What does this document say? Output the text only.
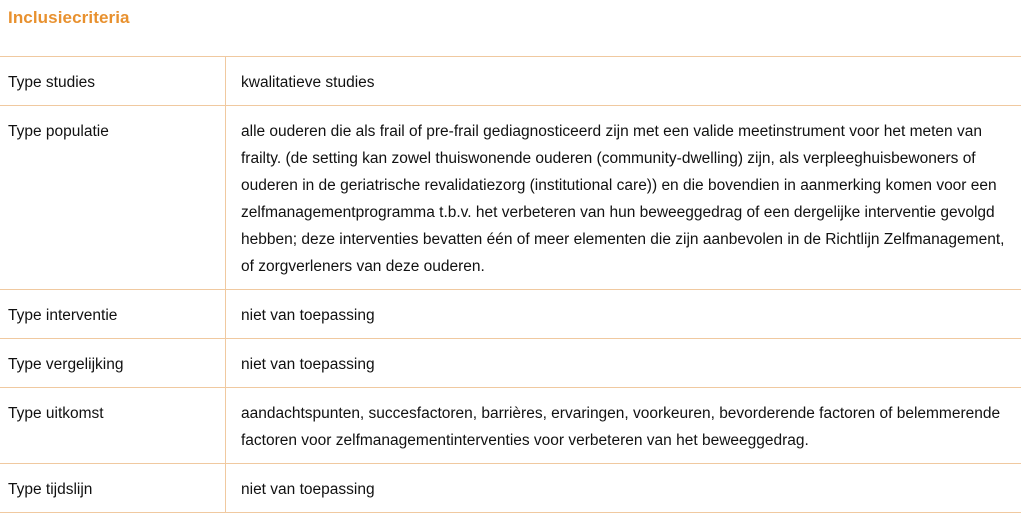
Inclusiecriteria
Type studies	kwalitatieve studies
Type populatie	alle ouderen die als frail of pre-frail gediagnosticeerd zijn met een valide meetinstrument voor het meten van frailty. (de setting kan zowel thuiswonende ouderen (community-dwelling) zijn, als verpleeghuisbewoners of ouderen in de geriatrische revalidatiezorg (institutional care)) en die bovendien in aanmerking komen voor een zelfmanagementprogramma t.b.v. het verbeteren van hun beweeggedrag of een dergelijke interventie gevolgd hebben; deze interventies bevatten één of meer elementen die zijn aanbevolen in de Richtlijn Zelfmanagement, of zorgverleners van deze ouderen.
Type interventie	niet van toepassing
Type vergelijking	niet van toepassing
Type uitkomst	aandachtspunten, succesfactoren, barrières, ervaringen, voorkeuren, bevorderende factoren of belemmerende factoren voor zelfmanagementinterventies voor verbeteren van het beweeggedrag.
Type tijdslijn	niet van toepassing
